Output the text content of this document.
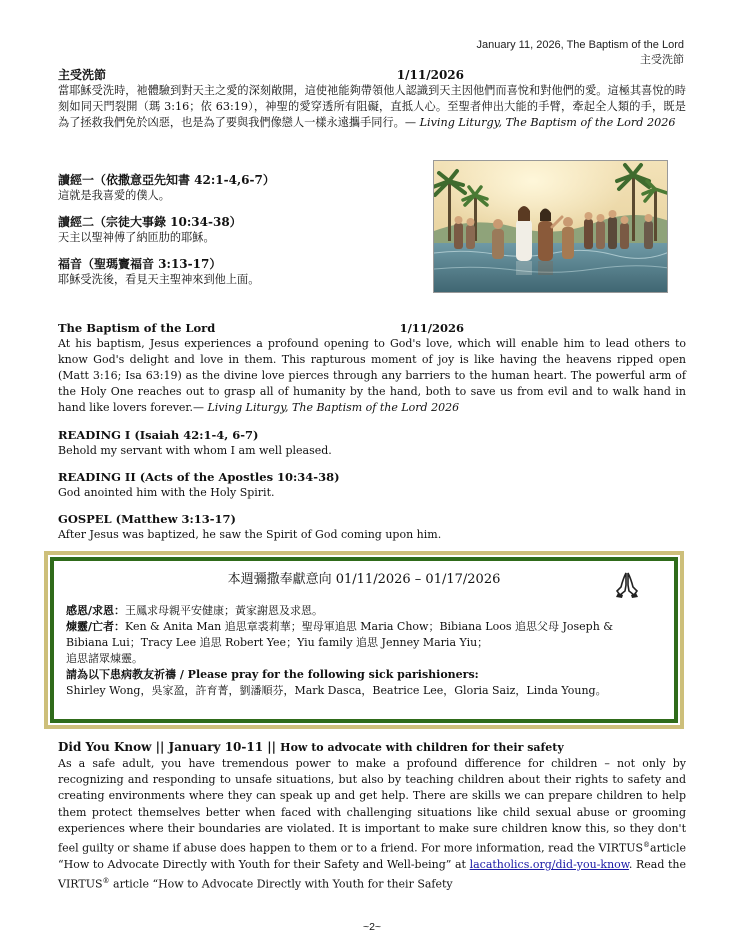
January 11, 2026, The Baptism of the Lord
主受洗節
主受洗節	1/11/2026
當耶穌受洗時，祂體驗到對天主之愛的深刻敞開，這使祂能夠帶領他人認識到天主因他們而喜悅和對他們的愛。這極其喜悅的時刻如同天門裂開（瑪 3:16；依 63:19），神聖的愛穿透所有阻礙，直抵人心。至聖者伸出大能的手臂，牽起全人類的手，既是為了拯救我們免於凶惡，也是為了要與我們像戀人一樣永遠攜手同行。— Living Liturgy, The Baptism of the Lord 2026
讀經一（依撒意亞先知書 42:1-4,6-7）
這就是我喜愛的僕人。
讀經二（宗徒大事錄 10:34-38）
天主以聖神傅了納匝肋的耶穌。
福音（聖瑪竇福音 3:13-17）
耶穌受洗後，看見天主聖神來到他上面。
The Baptism of the Lord	1/11/2026
At his baptism, Jesus experiences a profound opening to God's love, which will enable him to lead others to know God's delight and love in them. This rapturous moment of joy is like having the heavens ripped open (Matt 3:16; Isa 63:19) as the divine love pierces through any barriers to the human heart. The powerful arm of the Holy One reaches out to grasp all of humanity by the hand, both to save us from evil and to walk hand in hand like lovers forever.— Living Liturgy, The Baptism of the Lord 2026
READING I (Isaiah 42:1-4, 6-7)
Behold my servant with whom I am well pleased.
READING II (Acts of the Apostles 10:34-38)
God anointed him with the Holy Spirit.
GOSPEL (Matthew 3:13-17)
After Jesus was baptized, he saw the Spirit of God coming upon him.
本週彌撒奉獻意向 01/11/2026 – 01/17/2026
感恩/求恩：王鳳求母親平安健康；黃家謝恩及求恩。
煉靈/亡者：Ken & Anita Man 追思章裘莉華；聖母軍追思 Maria Chow；Bibiana Loos 追思父母 Joseph &
Bibiana Lui；Tracy Lee 追思 Robert Yee；Yiu family 追思 Jenney Maria Yiu；
追思諸眾煉靈。
請為以下患病教友祈禱 / Please pray for the following sick parishioners:
Shirley Wong，吳家盈，許育菁，劉潘順芬，Mark Dasca，Beatrice Lee，Gloria Saiz，Linda Young。
Did You Know || January 10-11 || How to advocate with children for their safety
As a safe adult, you have tremendous power to make a profound difference for children – not only by recognizing and responding to unsafe situations, but also by teaching children about their rights to safety and creating environments where they can speak up and get help. There are skills we can prepare children to help them protect themselves better when faced with challenging situations like child sexual abuse or grooming experiences where their boundaries are violated. It is important to make sure children know this, so they don't feel guilty or shame if abuse does happen to them or to a friend. For more information, read the VIRTUS®article “How to Advocate Directly with Youth for their Safety and Well-being” at lacatholics.org/did-you-know. Read the VIRTUS® article “How to Advocate Directly with Youth for their Safety
~2~
